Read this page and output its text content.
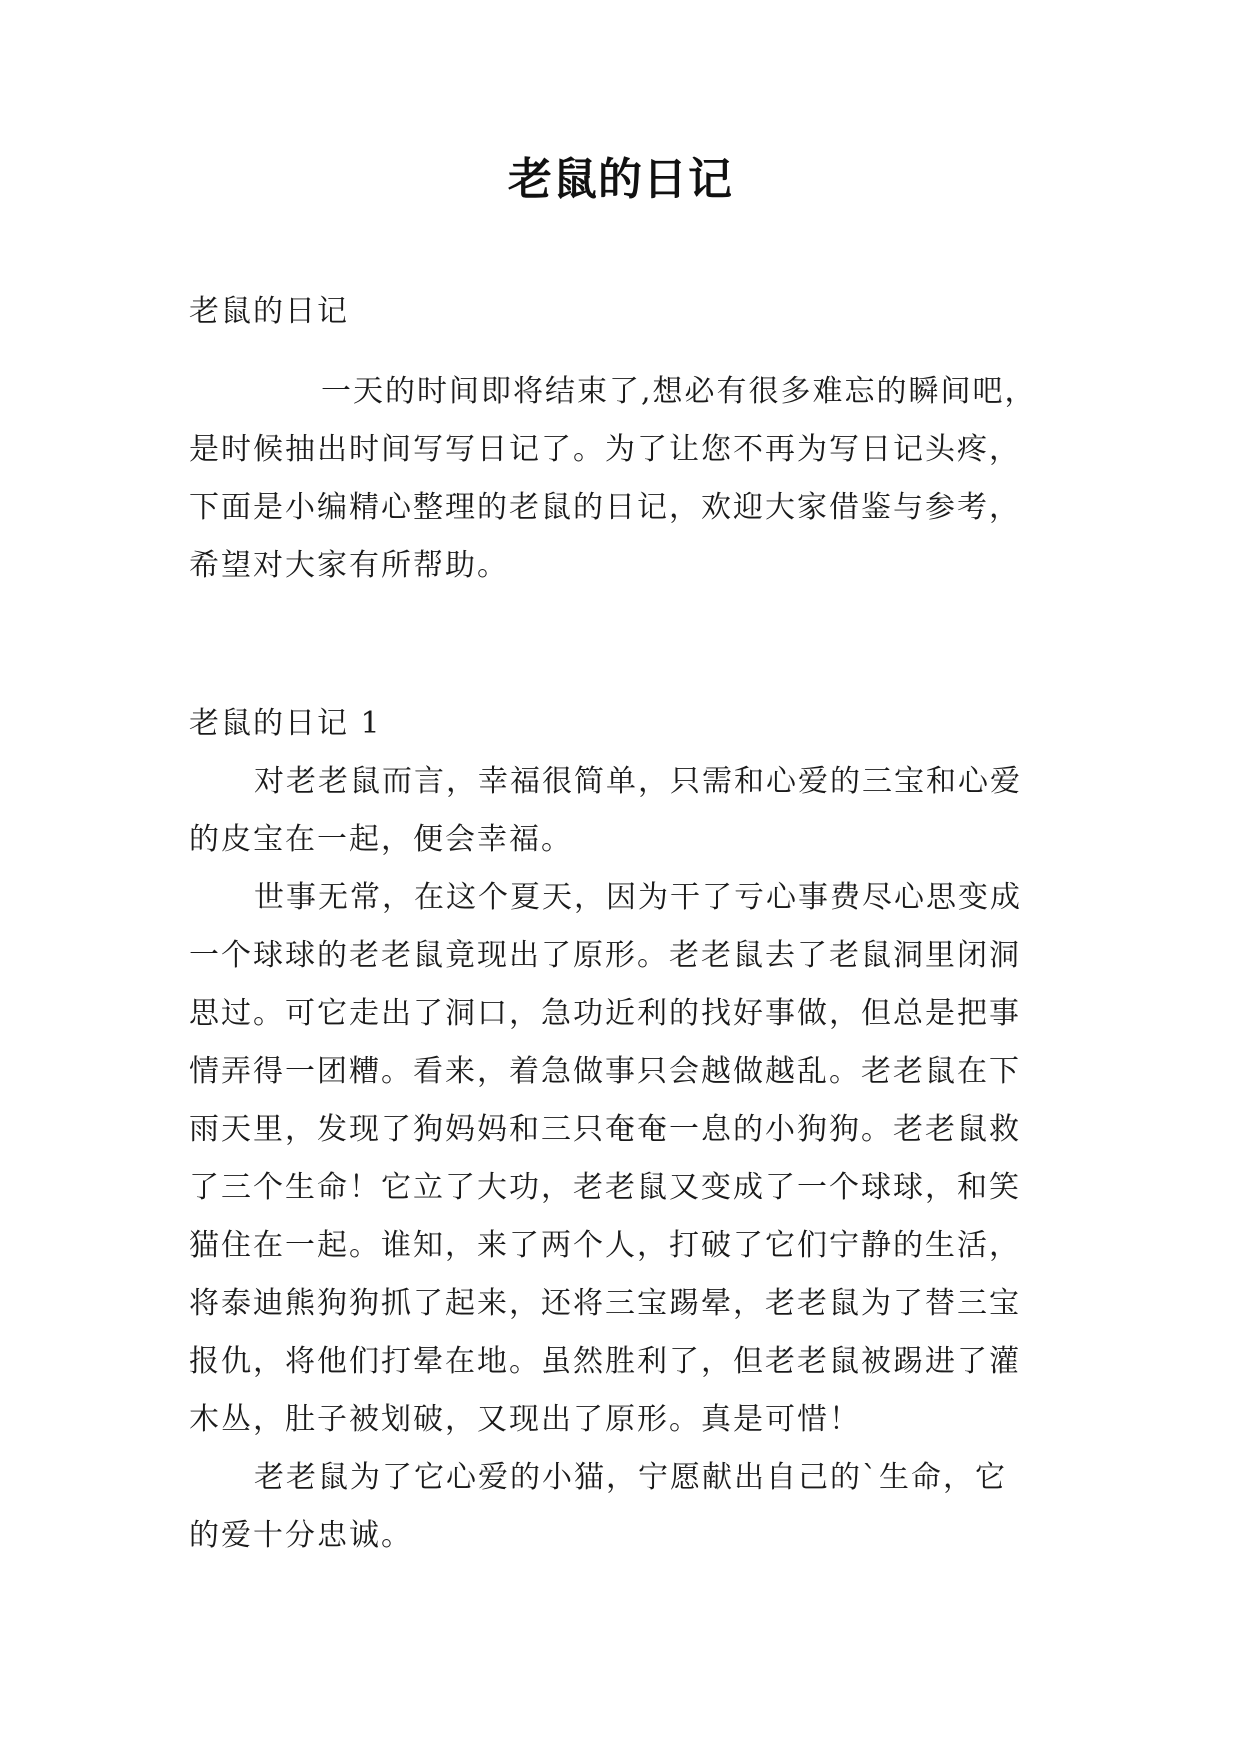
老鼠的日记
老鼠的日记
一天的时间即将结束了,想必有很多难忘的瞬间吧，
是时候抽出时间写写日记了。为了让您不再为写日记头疼，
下面是小编精心整理的老鼠的日记，欢迎大家借鉴与参考，
希望对大家有所帮助。
老鼠的日记 1
对老老鼠而言，幸福很简单，只需和心爱的三宝和心爱
的皮宝在一起，便会幸福。
世事无常，在这个夏天，因为干了亏心事费尽心思变成
一个球球的老老鼠竟现出了原形。老老鼠去了老鼠洞里闭洞
思过。可它走出了洞口，急功近利的找好事做，但总是把事
情弄得一团糟。看来，着急做事只会越做越乱。老老鼠在下
雨天里，发现了狗妈妈和三只奄奄一息的小狗狗。老老鼠救
了三个生命！它立了大功，老老鼠又变成了一个球球，和笑
猫住在一起。谁知，来了两个人，打破了它们宁静的生活，
将泰迪熊狗狗抓了起来，还将三宝踢晕，老老鼠为了替三宝
报仇，将他们打晕在地。虽然胜利了，但老老鼠被踢进了灌
木丛，肚子被划破，又现出了原形。真是可惜！
老老鼠为了它心爱的小猫，宁愿献出自己的`生命，它
的爱十分忠诚。
